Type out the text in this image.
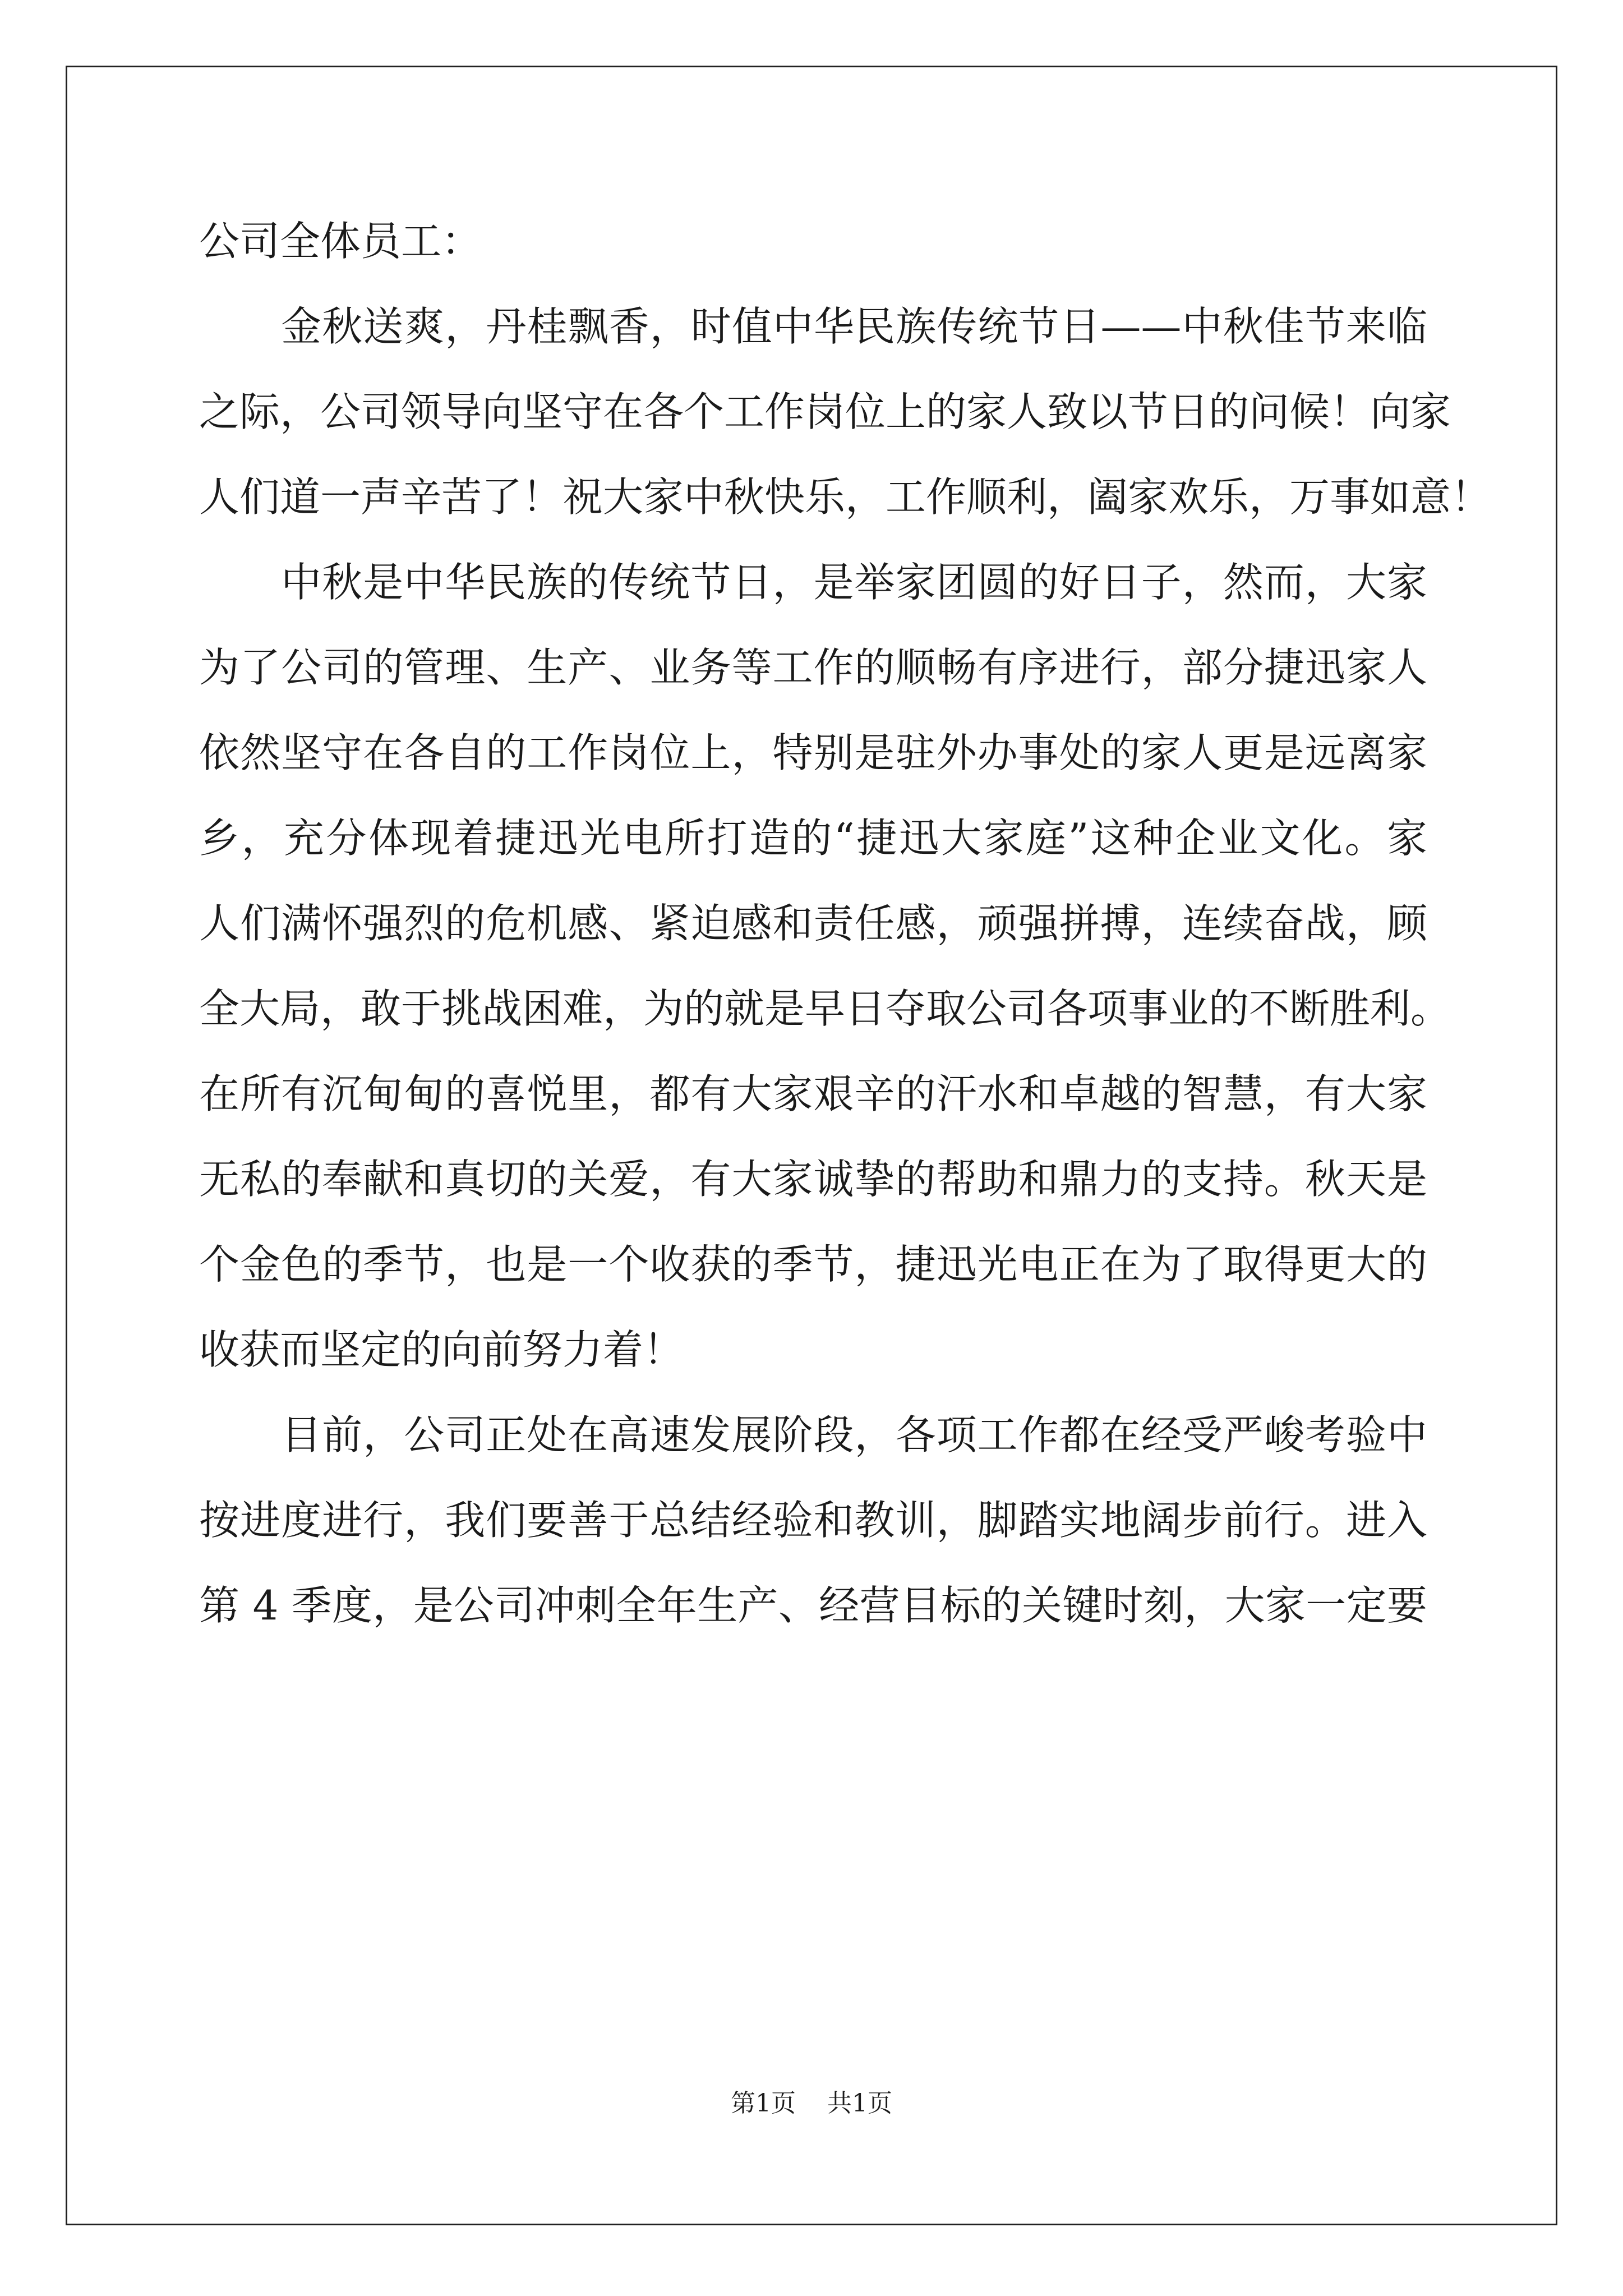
公司全体员工：
　　金秋送爽，丹桂飘香，时值中华民族传统节日——中秋佳节来临
之际，公司领导向坚守在各个工作岗位上的家人致以节日的问候！向家
人们道一声辛苦了！祝大家中秋快乐，工作顺利，阖家欢乐，万事如意！
　　中秋是中华民族的传统节日，是举家团圆的好日子，然而，大家
为了公司的管理、生产、业务等工作的顺畅有序进行，部分捷迅家人
依然坚守在各自的工作岗位上，特别是驻外办事处的家人更是远离家
乡，充分体现着捷迅光电所打造的“捷迅大家庭”这种企业文化。家
人们满怀强烈的危机感、紧迫感和责任感，顽强拼搏，连续奋战，顾
全大局，敢于挑战困难，为的就是早日夺取公司各项事业的不断胜利。
在所有沉甸甸的喜悦里，都有大家艰辛的汗水和卓越的智慧，有大家
无私的奉献和真切的关爱，有大家诚挚的帮助和鼎力的支持。秋天是
个金色的季节，也是一个收获的季节，捷迅光电正在为了取得更大的
收获而坚定的向前努力着！
　　目前，公司正处在高速发展阶段，各项工作都在经受严峻考验中
按进度进行，我们要善于总结经验和教训，脚踏实地阔步前行。进入
第 4 季度，是公司冲刺全年生产、经营目标的关键时刻，大家一定要
第1页 共1页
